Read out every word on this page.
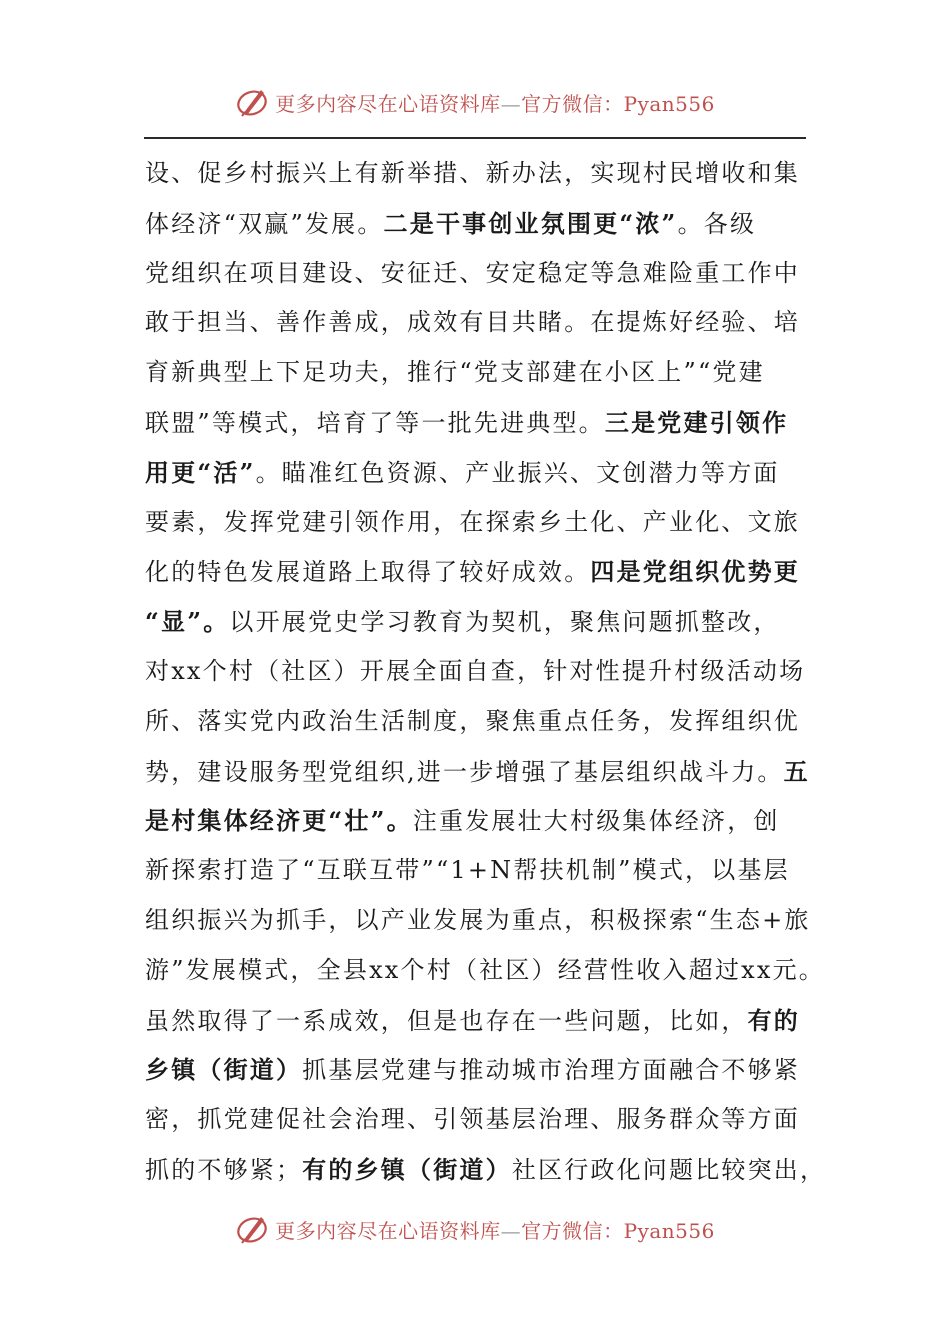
更多内容尽在心语资料库—官方微信：Pyan556
设、促乡村振兴上有新举措、新办法，实现村民增收和集
体经济“双赢”发展。二是干事创业氛围更“浓”。各级
党组织在项目建设、安征迁、安定稳定等急难险重工作中
敢于担当、善作善成，成效有目共睹。在提炼好经验、培
育新典型上下足功夫，推行“党支部建在小区上”“党建
联盟”等模式，培育了等一批先进典型。三是党建引领作
用更“活”。瞄准红色资源、产业振兴、文创潜力等方面
要素，发挥党建引领作用，在探索乡土化、产业化、文旅
化的特色发展道路上取得了较好成效。四是党组织优势更
“显”。以开展党史学习教育为契机，聚焦问题抓整改，
对xx个村（社区）开展全面自查，针对性提升村级活动场
所、落实党内政治生活制度，聚焦重点任务，发挥组织优
势，建设服务型党组织,进一步增强了基层组织战斗力。五
是村集体经济更“壮”。注重发展壮大村级集体经济，创
新探索打造了“互联互带”“1+N帮扶机制”模式，以基层
组织振兴为抓手，以产业发展为重点，积极探索“生态+旅
游”发展模式，全县xx个村（社区）经营性收入超过xx元。
虽然取得了一系成效，但是也存在一些问题，比如，有的
乡镇（街道）抓基层党建与推动城市治理方面融合不够紧
密，抓党建促社会治理、引领基层治理、服务群众等方面
抓的不够紧；有的乡镇（街道）社区行政化问题比较突出，
更多内容尽在心语资料库—官方微信：Pyan556
